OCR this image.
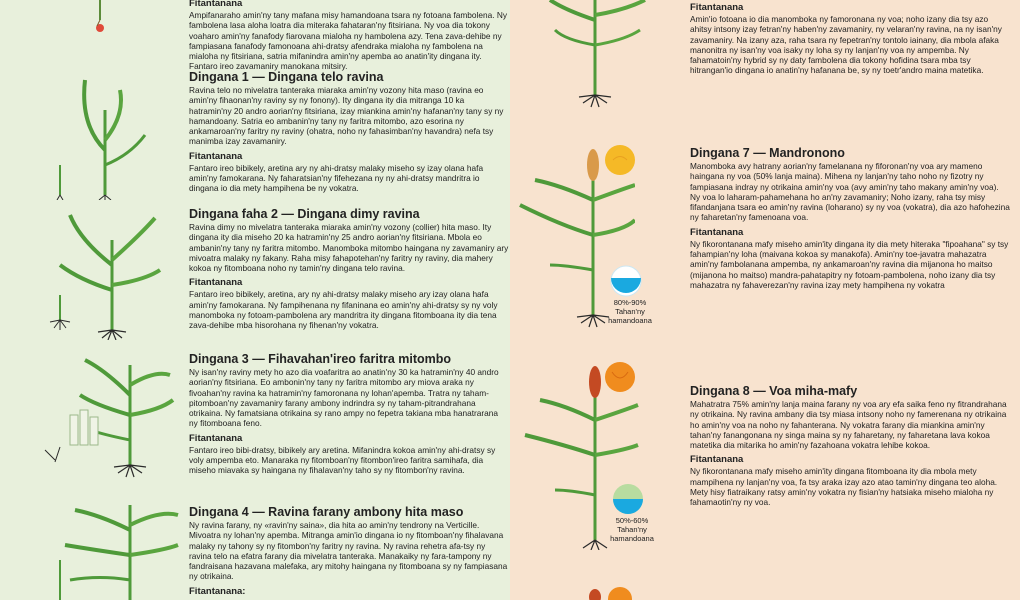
80%-90%
Tahan'ny hamandoana
50%-60%
Tahan'ny hamandoana
Fitantanana

Ampifanaraho amin'ny tany mafana misy hamandoana tsara ny fotoana fambolena. Ny fambolena lasa aloha loatra dia miteraka fahataran'ny fitsiriana. Ny voa dia tokony voaharo amin'ny fanafody fiarovana mialoha ny hambolena azy. Tena zava-dehibe ny fampiasana fanafody famonoana ahi-dratsy afendraka mialoha ny fambolena na mialoha ny fitsiriana, satria mifanindra amin'ny apemba ao anatin'ity dingana ity. Fantaro ireo zavamaniry manokana mitsiry.

Dingana 1 — Dingana telo ravina

Ravina telo no mivelatra tanteraka miaraka amin'ny vozony hita maso (ravina eo amin'ny fihaonan'ny raviny sy ny fonony). Ity dingana ity dia mitranga 10 ka hatramin'ny 20 andro aorian'ny fitsiriana, izay miankina amin'ny hafanan'ny tany sy ny hamandoany. Satria eo ambanin'ny tany ny faritra mitombo, azo esorina ny ankamaroan'ny faritry ny raviny (ohatra, noho ny fahasimban'ny havandra) nefa tsy manimba izay zavamaniry.

Fitantanana

Fantaro ireo bibikely, aretina ary ny ahi-dratsy malaky miseho sy izay olana hafa amin'ny famokarana. Ny faharatsian'ny fifehezana ny ny ahi-dratsy mandritra io dingana io dia mety hampihena be ny vokatra.

Dingana faha 2 — Dingana dimy ravina

Ravina dimy no mivelatra tanteraka miaraka amin'ny vozony (collier) hita maso. Ity dingana ity dia miseho 20 ka hatramin'ny 25 andro aorian'ny fitsiriana. Mbola eo ambanin'ny tany ny faritra mitombo. Manomboka mitombo haingana ny zavamaniry ary mivoatra malaky ny fakany. Raha misy fahapotehan'ny faritry ny raviny, dia mahery kokoa ny fitomboana noho ny tamin'ny dingana telo ravina.

Fitantanana

Fantaro ireo bibikely, aretina, ary ny ahi-dratsy malaky miseho ary izay olana hafa amin'ny famokarana. Ny fampihenana ny fifaninana eo amin'ny ahi-dratsy sy ny voly manomboka ny fotoam-pambolena ary mandritra ity dingana fitomboana ity dia tena zava-dehibe mba hisorohana ny fihenan'ny vokatra.

Dingana 3 — Fihavahan'ireo faritra mitombo

Ny isan'ny raviny mety ho azo dia voafaritra ao anatin'ny 30 ka hatramin'ny 40 andro aorian'ny fitsiriana. Eo ambonin'ny tany ny faritra mitombo ary miova araka ny fivoahan'ny ravina ka hatramin'ny famoronana ny lohan'apemba. Tratra ny taham-pitomboan'ny zavamaniry farany ambony indrindra sy ny taham-pitrandrahana otrikaina. Ny famatsiana otrikaina sy rano ampy no fepetra takiana mba hanatrarana ny fitomboana feno.

Fitantanana

Fantaro ireo bibi-dratsy, bibikely ary aretina. Mifanindra kokoa amin'ny ahi-dratsy sy voly ampemba eto. Manaraka ny fitomboan'ny fitombon'ireo faritra samihafa, dia miseho miavaka sy haingana ny fihalavan'ny taho sy ny fitombon'ny ravina.

Dingana 4 — Ravina farany ambony hita maso

Ny ravina farany, ny «ravin'ny saina», dia hita ao amin'ny tendrony na Verticille. Mivoatra ny lohan'ny apemba. Mitranga amin'io dingana io ny fitomboan'ny fihalavana malaky ny tahony sy ny fitombon'ny faritry ny ravina. Ny ravina rehetra afa-tsy ny ravina telo na efatra farany dia mivelatra tanteraka. Manakaiky ny fara-tampony ny fandraisana hazavana malefaka, ary mitohy haingana ny fitomboana sy ny fampiasana ny otrikaina.

Fitantanana:
Fitantanana

Amin'io fotoana io dia manomboka ny famoronana ny voa; noho izany dia tsy azo ahitsy intsony izay fetran'ny haben'ny zavamaniry, ny velaran'ny ravina, na ny isan'ny zavamaniry. Na izany aza, raha tsara ny fepetran'ny tontolo iainany, dia mbola afaka manonitra ny isan'ny voa isaky ny loha sy ny lanjan'ny voa ny ampemba. Ny fahamatoin'ny hybrid sy ny daty fambolena dia tokony hofidina tsara mba tsy hitrangan'io dingana io anatin'ny hafanana be, sy ny toetr'andro maina matetika.

Dingana 7 — Mandronono

Manomboka avy hatrany aorian'ny famelanana ny fiforonan'ny voa ary mameno haingana ny voa (50% lanja maina). Mihena ny lanjan'ny taho noho ny fizotry ny fampiasana indray ny otrikaina amin'ny voa (avy amin'ny taho makany amin'ny voa). Ny voa lo laharam-pahamehana ho an'ny zavamaniry; Noho izany, raha tsy misy fifandanjana tsara eo amin'ny ravina (loharano) sy ny voa (vokatra), dia azo hafohezina ny faharetan'ny famenoana voa.

Fitantanana

Ny fikorontanana mafy miseho amin'ity dingana ity dia mety hiteraka "fipoahana" sy tsy fahampian'ny loha (maivana kokoa sy manakofa). Amin'ny toe-javatra mahazatra amin'ny fambolanana ampemba, ny ankamaroan'ny ravina dia mijanona ho maitso (mijanona ho maitso) mandra-pahatapitry ny fotoam-pambolena, noho izany dia tsy mahazatra ny fahaverezan'ny ravina izay mety hampihena ny vokatra

Dingana 8 — Voa miha-mafy

Mahatratra 75% amin'ny lanja maina farany ny voa ary efa saika feno ny fitrandrahana ny otrikaina. Ny ravina ambany dia tsy miasa intsony noho ny famerenana ny otrikaina ho amin'ny voa na noho ny fahanterana. Ny vokatra farany dia miankina amin'ny tahan'ny fanangonana ny singa maina sy ny faharetany, ny faharetana lava kokoa matetika dia mitarika ho amin'ny fazahoana vokatra lehibe kokoa.

Fitantanana

Ny fikorontanana mafy miseho amin'ity dingana fitomboana ity dia mbola mety mampihena ny lanjan'ny voa, fa tsy araka izay azo atao tamin'ny dingana teo aloha. Mety hisy fiatraikany ratsy amin'ny vokatra ny fisian'ny hatsiaka miseho mialoha ny fahamaotin'ny ny voa.
